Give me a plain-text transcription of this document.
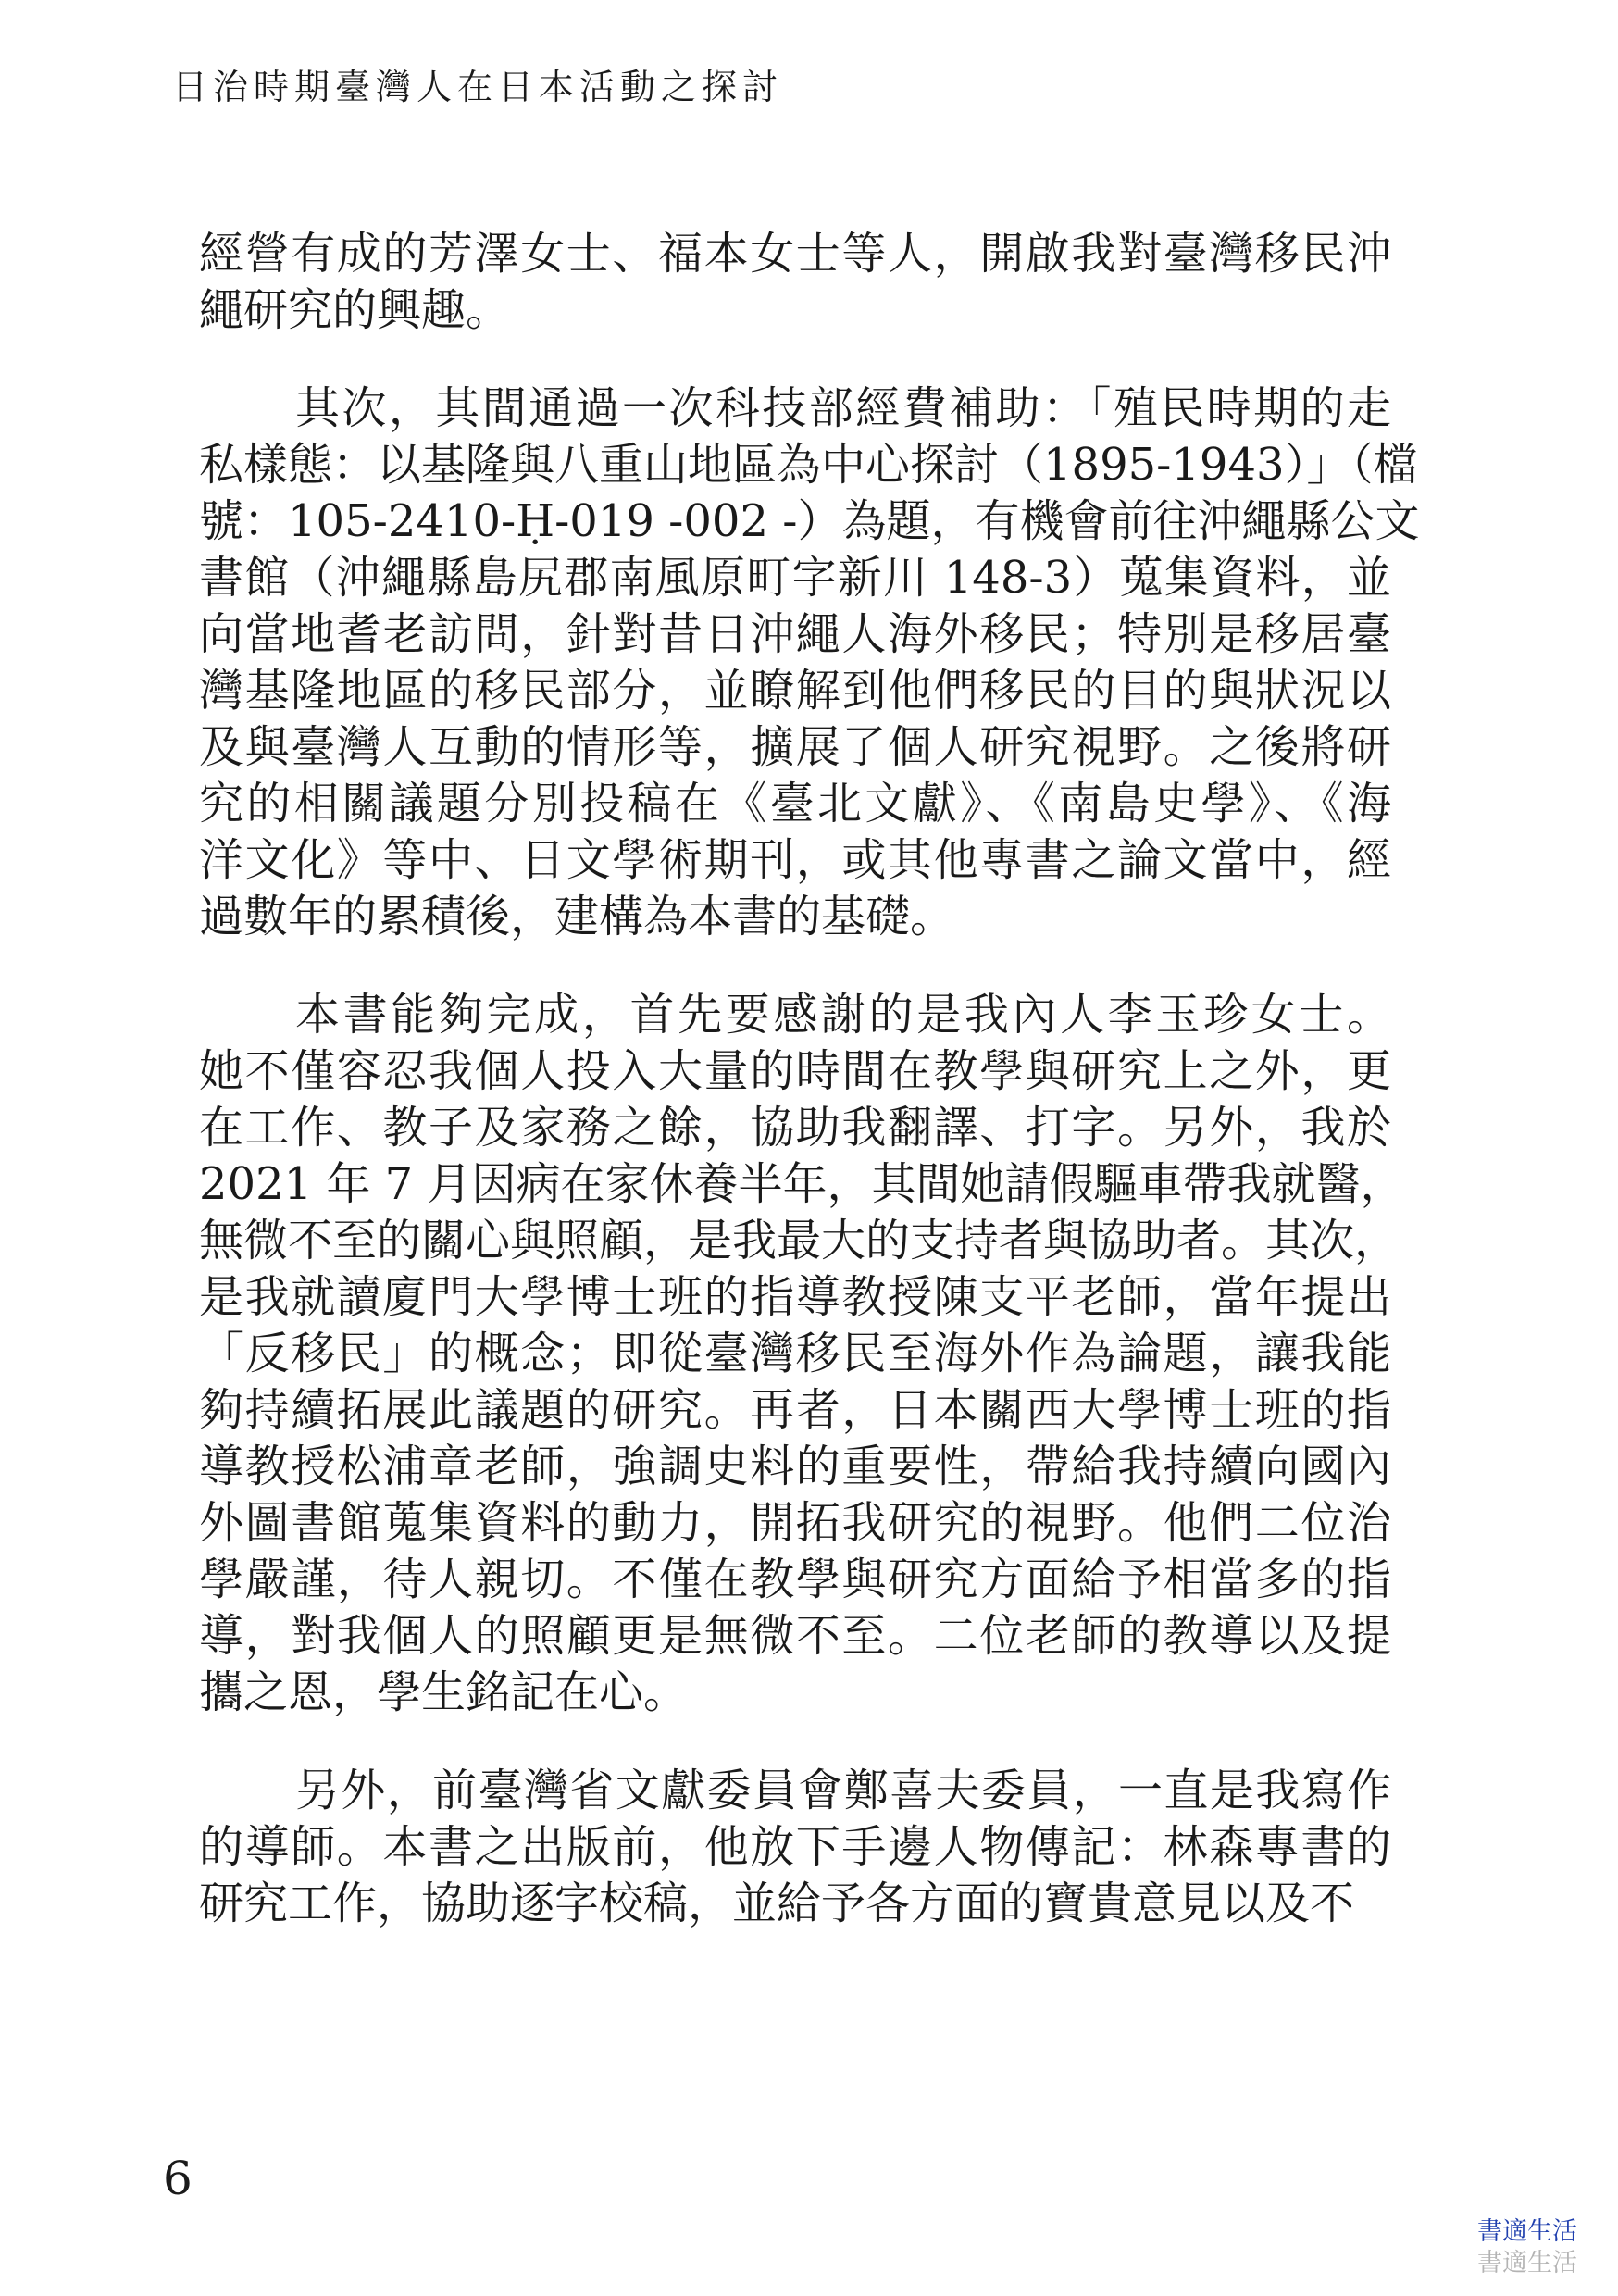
日治時期臺灣人在日本活動之探討
經營有成的芳澤女士、福本女士等人，開啟我對臺灣移民沖
繩研究的興趣。
其次，其間通過一次科技部經費補助：「殖民時期的走
私樣態：以基隆與八重山地區為中心探討（1895-1943）」（檔
號：105-2410-Ḥ-019 -002 -）為題，有機會前往沖繩縣公文
書館（沖繩縣島尻郡南風原町字新川 148-3）蒐集資料，並
向當地耆老訪問，針對昔日沖繩人海外移民；特別是移居臺
灣基隆地區的移民部分，並瞭解到他們移民的目的與狀況以
及與臺灣人互動的情形等，擴展了個人研究視野。之後將研
究的相關議題分別投稿在《臺北文獻》、《南島史學》、《海
洋文化》等中、日文學術期刊，或其他專書之論文當中，經
過數年的累積後，建構為本書的基礎。
本書能夠完成，首先要感謝的是我內人李玉珍女士。
她不僅容忍我個人投入大量的時間在教學與研究上之外，更
在工作、教子及家務之餘，協助我翻譯、打字。另外，我於
2021 年 7 月因病在家休養半年，其間她請假驅車帶我就醫，
無微不至的關心與照顧，是我最大的支持者與協助者。其次，
是我就讀廈門大學博士班的指導教授陳支平老師，當年提出
「反移民」的概念；即從臺灣移民至海外作為論題，讓我能
夠持續拓展此議題的研究。再者，日本關西大學博士班的指
導教授松浦章老師，強調史料的重要性，帶給我持續向國內
外圖書館蒐集資料的動力，開拓我研究的視野。他們二位治
學嚴謹，待人親切。不僅在教學與研究方面給予相當多的指
導，對我個人的照顧更是無微不至。二位老師的教導以及提
攜之恩，學生銘記在心。
另外，前臺灣省文獻委員會鄭喜夫委員，一直是我寫作
的導師。本書之出版前，他放下手邊人物傳記：林森專書的
研究工作，協助逐字校稿，並給予各方面的寶貴意見以及不
6
書適生活
書適生活
